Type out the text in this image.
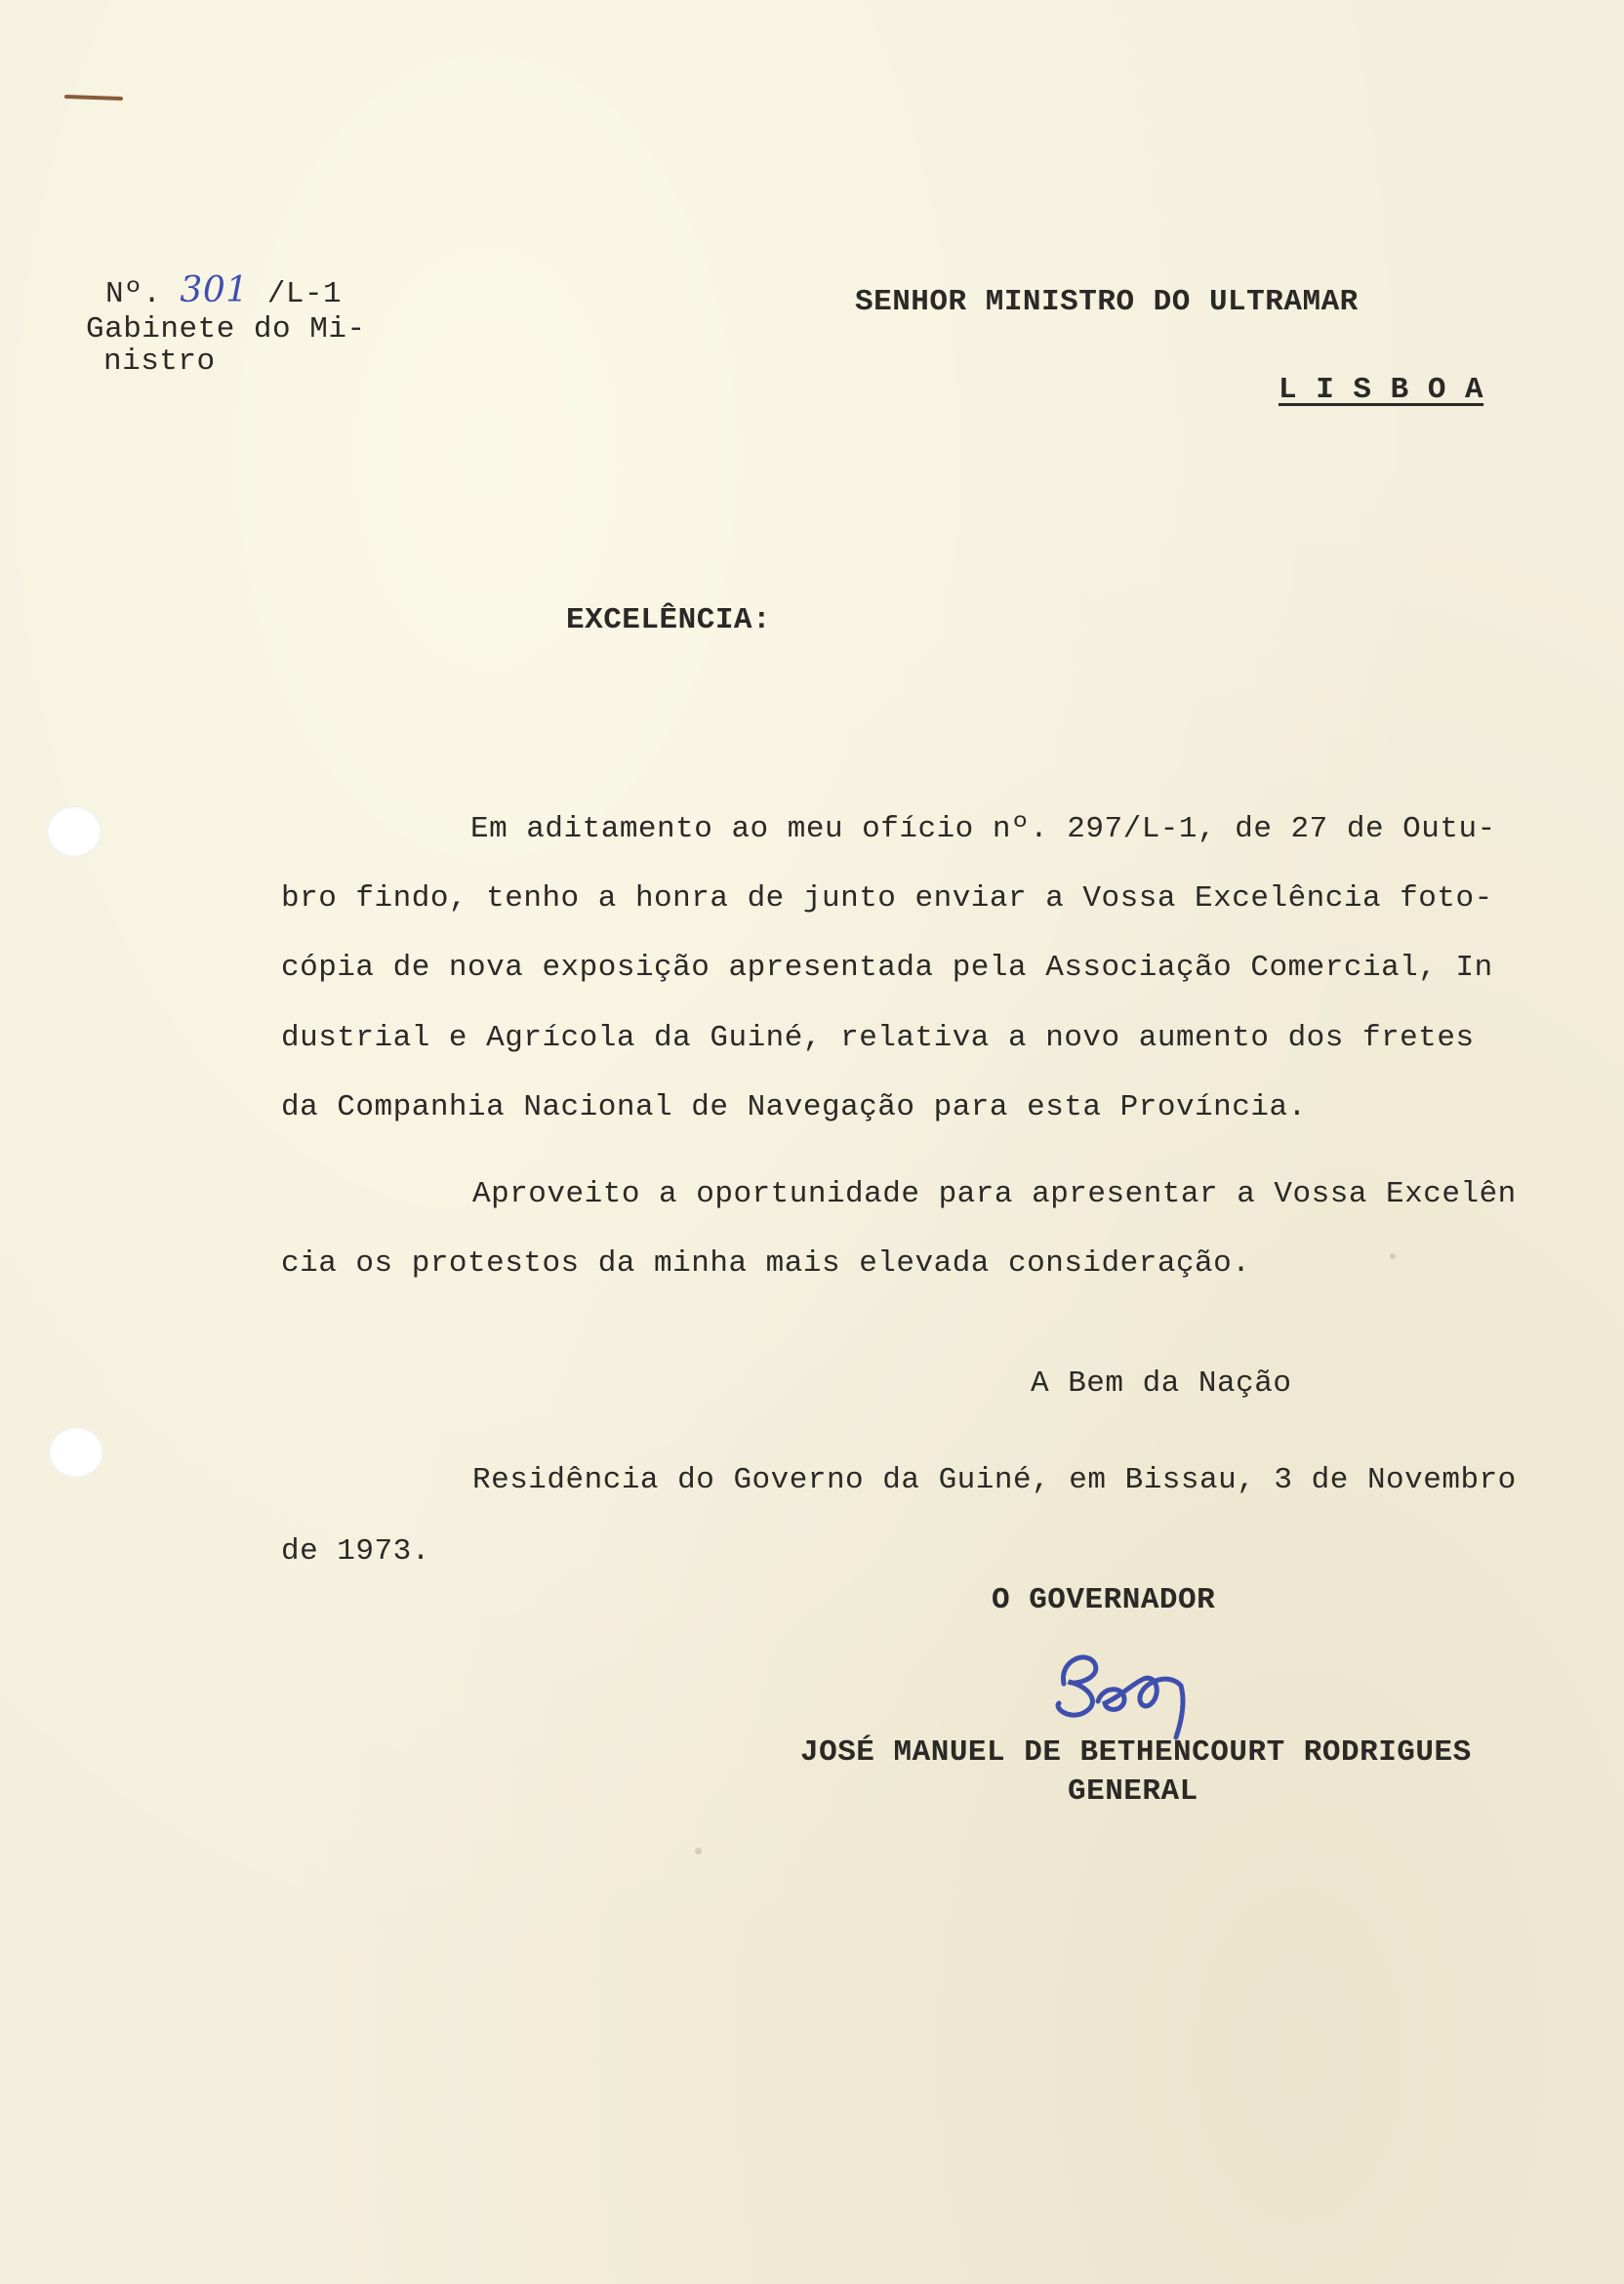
Nº. 301 /L-1
Gabinete do Mi-
nistro
SENHOR MINISTRO DO ULTRAMAR
L I S B O A
EXCELÊNCIA:
Em aditamento ao meu ofício nº. 297/L-1, de 27 de Outu-
bro findo, tenho a honra de junto enviar a Vossa Excelência foto-
cópia de nova exposição apresentada pela Associação Comercial, In
dustrial e Agrícola da Guiné, relativa a novo aumento dos fretes
da Companhia Nacional de Navegação para esta Província.
Aproveito a oportunidade para apresentar a Vossa Excelên
cia os protestos da minha mais elevada consideração.
A Bem da Nação
Residência do Governo da Guiné, em Bissau, 3 de Novembro
de 1973.
O GOVERNADOR
JOSÉ MANUEL DE BETHENCOURT RODRIGUES
GENERAL
